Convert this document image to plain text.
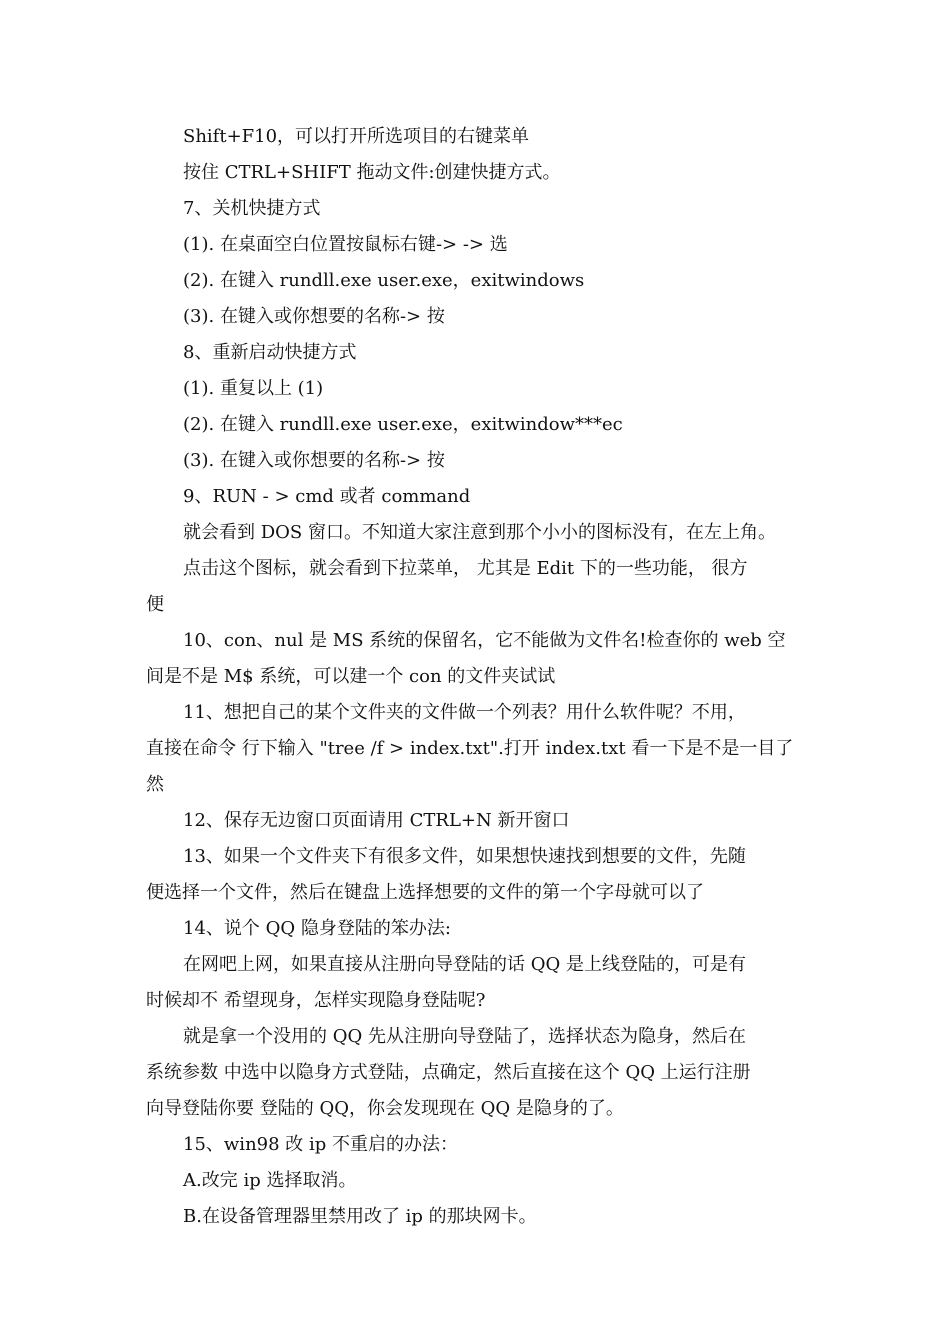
Shift+F10，可以打开所选项目的右键菜单

按住 CTRL+SHIFT 拖动文件:创建快捷方式。

7、关机快捷方式

(1). 在桌面空白位置按鼠标右键-> -> 选

(2). 在键入 rundll.exe user.exe，exitwindows

(3). 在键入或你想要的名称-> 按

8、重新启动快捷方式

(1). 重复以上 (1)

(2). 在键入 rundll.exe user.exe，exitwindow***ec

(3). 在键入或你想要的名称-> 按

9、RUN - > cmd 或者 command

就会看到 DOS 窗口。不知道大家注意到那个小小的图标没有，在左上角。

点击这个图标，就会看到下拉菜单， 尤其是 Edit 下的一些功能， 很方

便

10、con、nul 是 MS 系统的保留名，它不能做为文件名!检查你的 web 空

间是不是 M$ 系统，可以建一个 con 的文件夹试试

11、想把自己的某个文件夹的文件做一个列表？用什么软件呢？不用，

直接在命令 行下输入 "tree /f > index.txt".打开 index.txt 看一下是不是一目了

然

12、保存无边窗口页面请用 CTRL+N 新开窗口

13、如果一个文件夹下有很多文件，如果想快速找到想要的文件，先随

便选择一个文件，然后在键盘上选择想要的文件的第一个字母就可以了

14、说个 QQ 隐身登陆的笨办法:

在网吧上网，如果直接从注册向导登陆的话 QQ 是上线登陆的，可是有

时候却不 希望现身，怎样实现隐身登陆呢?

就是拿一个没用的 QQ 先从注册向导登陆了，选择状态为隐身，然后在

系统参数 中选中以隐身方式登陆，点确定，然后直接在这个 QQ 上运行注册

向导登陆你要 登陆的 QQ，你会发现现在 QQ 是隐身的了。

15、win98 改 ip 不重启的办法：

A.改完 ip 选择取消。

B.在设备管理器里禁用改了 ip 的那块网卡。
